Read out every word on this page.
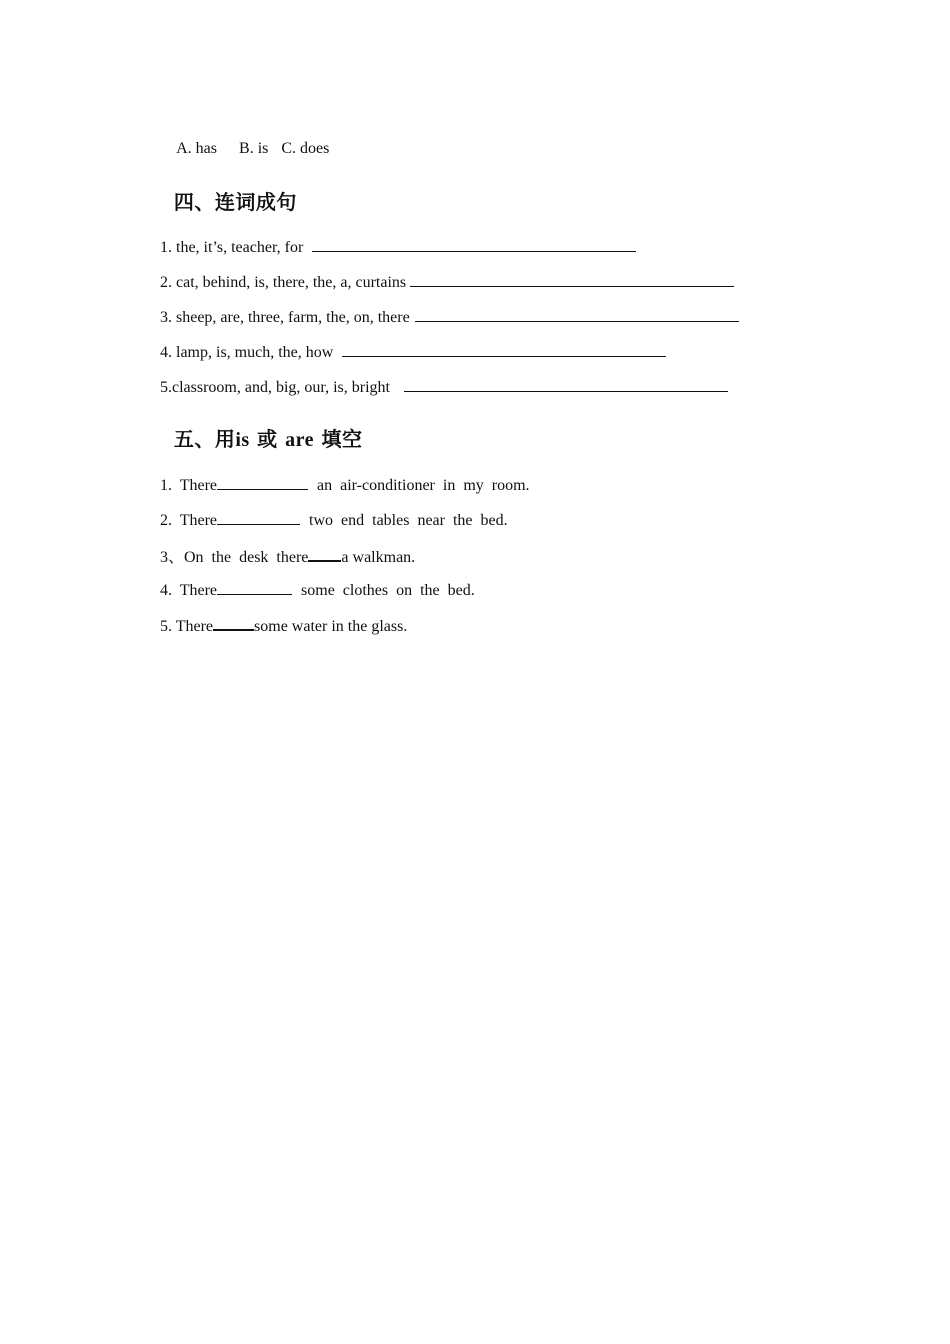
A. has B. is C. does

四、连词成句

1. the, it’s, teacher, for

2. cat, behind, is, there, the, a, curtains

3. sheep, are, three, farm, the, on, there

4. lamp, is, much, the, how

5.classroom, and, big, our, is, bright

五、用is 或 are 填空

1.  There	an  air-conditioner  in  my  room.

2.  There	two  end  tables  near  the  bed.

3、On  the  desk  there a walkman.

4.  There	some  clothes  on  the  bed.

5. There	some water in the glass.
